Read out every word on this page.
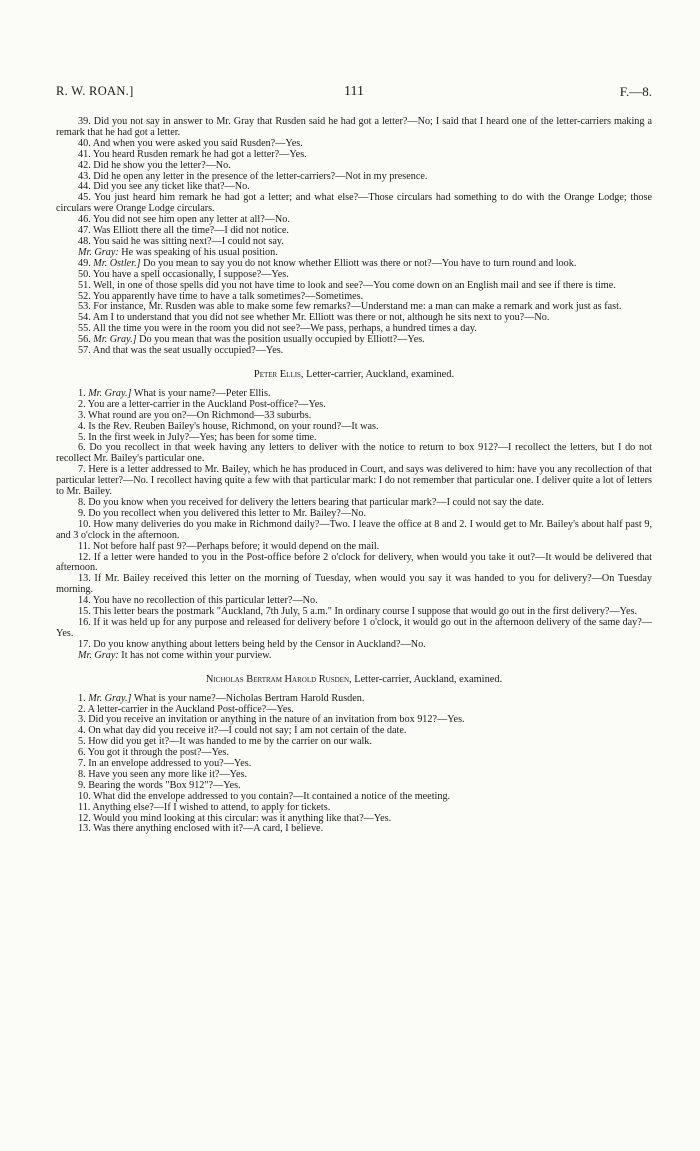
R. W. ROAN.]	111	F.—8.

39. Did you not say in answer to Mr. Gray that Rusden said he had got a letter?—No; I said that I heard one of the letter-carriers making a remark that he had got a letter.

40. And when you were asked you said Rusden?—Yes.

41. You heard Rusden remark he had got a letter?—Yes.

42. Did he show you the letter?—No.

43. Did he open any letter in the presence of the letter-carriers?—Not in my presence.

44. Did you see any ticket like that?—No.

45. You just heard him remark he had got a letter; and what else?—Those circulars had something to do with the Orange Lodge; those circulars were Orange Lodge circulars.

46. You did not see him open any letter at all?—No.

47. Was Elliott there all the time?—I did not notice.

48. You said he was sitting next?—I could not say.

Mr. Gray: He was speaking of his usual position.

49. Mr. Ostler.] Do you mean to say you do not know whether Elliott was there or not?—You have to turn round and look.

50. You have a spell occasionally, I suppose?—Yes.

51. Well, in one of those spells did you not have time to look and see?—You come down on an English mail and see if there is time.

52. You apparently have time to have a talk sometimes?—Sometimes.

53. For instance, Mr. Rusden was able to make some few remarks?—Understand me: a man can make a remark and work just as fast.

54. Am I to understand that you did not see whether Mr. Elliott was there or not, although he sits next to you?—No.

55. All the time you were in the room you did not see?—We pass, perhaps, a hundred times a day.

56. Mr. Gray.] Do you mean that was the position usually occupied by Elliott?—Yes.

57. And that was the seat usually occupied?—Yes.

Peter Ellis, Letter-carrier, Auckland, examined.

1. Mr. Gray.] What is your name?—Peter Ellis.

2. You are a letter-carrier in the Auckland Post-office?—Yes.

3. What round are you on?—On Richmond—33 suburbs.

4. Is the Rev. Reuben Bailey's house, Richmond, on your round?—It was.

5. In the first week in July?—Yes; has been for some time.

6. Do you recollect in that week having any letters to deliver with the notice to return to box 912?—I recollect the letters, but I do not recollect Mr. Bailey's particular one.

7. Here is a letter addressed to Mr. Bailey, which he has produced in Court, and says was delivered to him: have you any recollection of that particular letter?—No. I recollect having quite a few with that particular mark: I do not remember that particular one. I deliver quite a lot of letters to Mr. Bailey.

8. Do you know when you received for delivery the letters bearing that particular mark?—I could not say the date.

9. Do you recollect when you delivered this letter to Mr. Bailey?—No.

10. How many deliveries do you make in Richmond daily?—Two. I leave the office at 8 and 2. I would get to Mr. Bailey's about half past 9, and 3 o'clock in the afternoon.

11. Not before half past 9?—Perhaps before; it would depend on the mail.

12. If a letter were handed to you in the Post-office before 2 o'clock for delivery, when would you take it out?—It would be delivered that afternoon.

13. If Mr. Bailey received this letter on the morning of Tuesday, when would you say it was handed to you for delivery?—On Tuesday morning.

14. You have no recollection of this particular letter?—No.

15. This letter bears the postmark "Auckland, 7th July, 5 a.m." In ordinary course I suppose that would go out in the first delivery?—Yes.

16. If it was held up for any purpose and released for delivery before 1 o'clock, it would go out in the afternoon delivery of the same day?—Yes.

17. Do you know anything about letters being held by the Censor in Auckland?—No.

Mr. Gray: It has not come within your purview.

Nicholas Bertram Harold Rusden, Letter-carrier, Auckland, examined.

1. Mr. Gray.] What is your name?—Nicholas Bertram Harold Rusden.

2. A letter-carrier in the Auckland Post-office?—Yes.

3. Did you receive an invitation or anything in the nature of an invitation from box 912?—Yes.

4. On what day did you receive it?—I could not say; I am not certain of the date.

5. How did you get it?—It was handed to me by the carrier on our walk.

6. You got it through the post?—Yes.

7. In an envelope addressed to you?—Yes.

8. Have you seen any more like it?—Yes.

9. Bearing the words "Box 912"?—Yes.

10. What did the envelope addressed to you contain?—It contained a notice of the meeting.

11. Anything else?—If I wished to attend, to apply for tickets.

12. Would you mind looking at this circular: was it anything like that?—Yes.

13. Was there anything enclosed with it?—A card, I believe.
